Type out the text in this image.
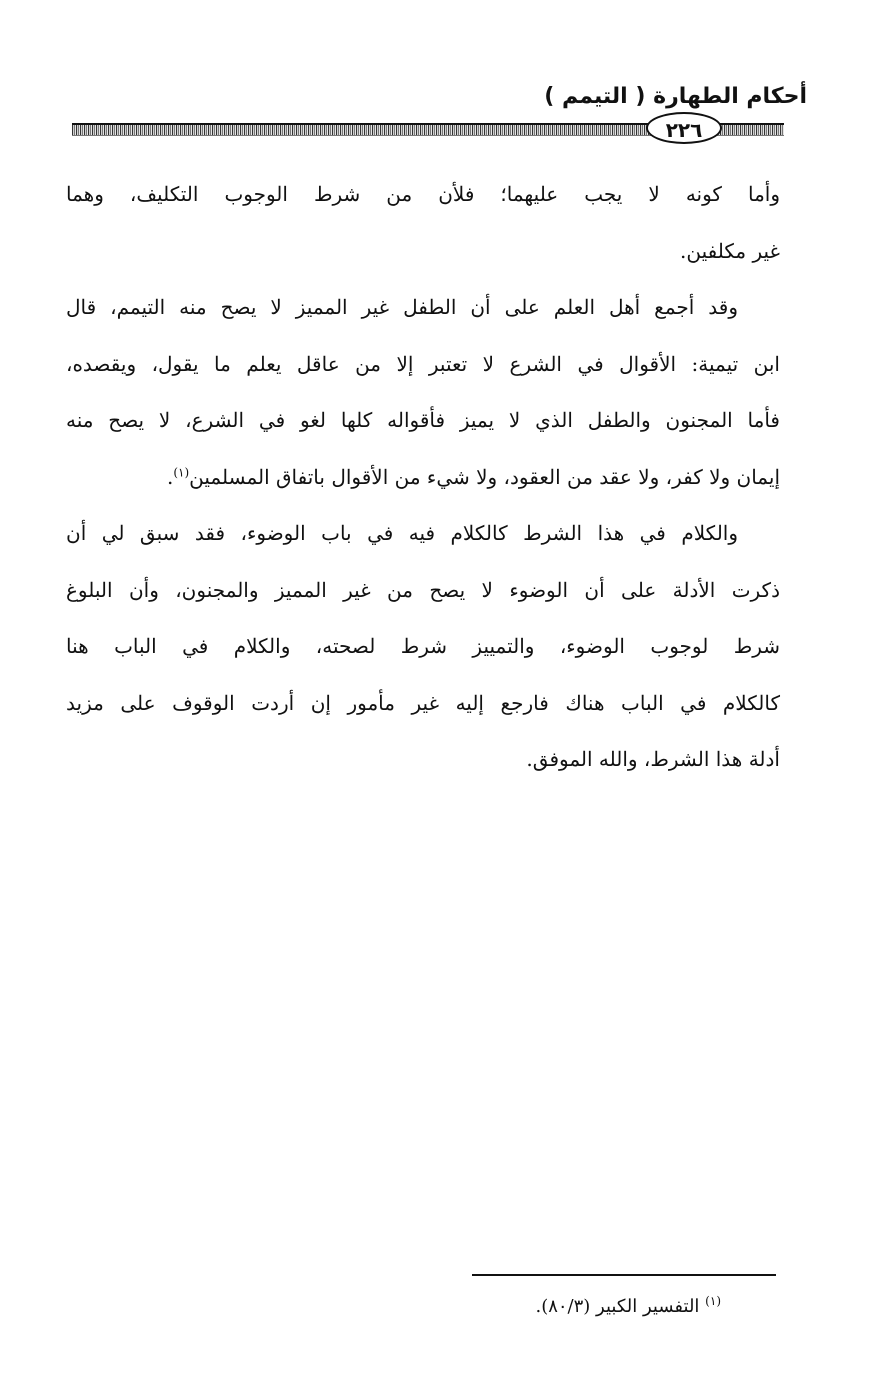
أحكام الطهارة ( التيمم )
٢٢٦
وأما كونه لا يجب عليهما؛ فلأن من شرط الوجوب التكليف، وهما
غير مكلفين.
وقد أجمع أهل العلم على أن الطفل غير المميز لا يصح منه التيمم، قال
ابن تيمية: الأقوال في الشرع لا تعتبر إلا من عاقل يعلم ما يقول، ويقصده،
فأما المجنون والطفل الذي لا يميز فأقواله كلها لغو في الشرع، لا يصح منه
إيمان ولا كفر، ولا عقد من العقود، ولا شيء من الأقوال باتفاق المسلمين$^{(١)}$.
والكلام في هذا الشرط كالكلام فيه في باب الوضوء، فقد سبق لي أن
ذكرت الأدلة على أن الوضوء لا يصح من غير المميز والمجنون، وأن البلوغ
شرط لوجوب الوضوء، والتمييز شرط لصحته، والكلام في الباب هنا
كالكلام في الباب هناك فارجع إليه غير مأمور إن أردت الوقوف على مزيد
أدلة هذا الشرط، والله الموفق.
$^{(١)}$ التفسير الكبير (٨٠/٣).
